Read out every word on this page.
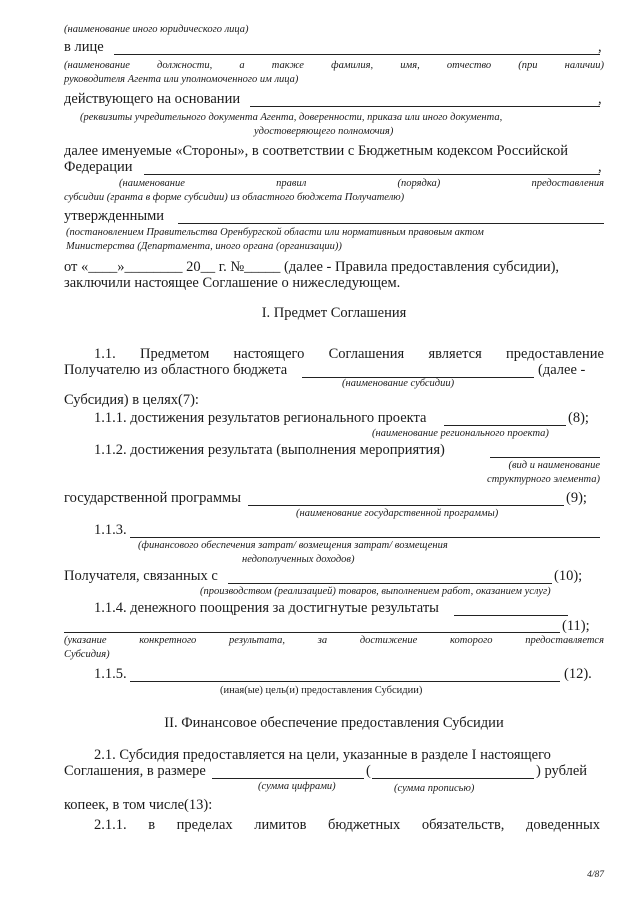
(наименование иного юридического лица)
в лице	,
(наименование	должности,	а	также	фамилия,	имя,	отчество	(при	наличии)
руководителя Агента или уполномоченного им лица)
действующего на основании	,
(реквизиты учредительного документа Агента, доверенности, приказа или иного документа,
удостоверяющего полномочия)
далее именуемые «Стороны», в соответствии с Бюджетным кодексом Российской
Федерации	,
(наименование	правил	(порядка)	предоставления
субсидии (гранта в форме субсидии) из областного бюджета Получателю)
утвержденными
(постановлением Правительства Оренбургской области или нормативным правовым актом
Министерства (Департамента, иного органа (организации))
от «____»________ 20__ г. №_____ (далее - Правила предоставления субсидии),
заключили настоящее Соглашение о нижеследующем.
I. Предмет Соглашения
1.1. Предметом настоящего Соглашения является предоставление
Получателю из областного бюджета	(далее -
(наименование субсидии)
Субсидия) в целях(7):
1.1.1. достижения результатов регионального проекта	(8);
(наименование регионального проекта)
1.1.2. достижения результата (выполнения мероприятия)
(вид и наименование
структурного элемента)
государственной программы	(9);
(наименование государственной программы)
1.1.3.
(финансового обеспечения затрат/ возмещения затрат/ возмещения
недополученных доходов)
Получателя, связанных с	(10);
(производством (реализацией) товаров, выполнением работ, оказанием услуг)
1.1.4. денежного поощрения за достигнутые результаты
(11);
(указание	конкретного	результата,	за	достижение	которого	предоставляется
Субсидия)
1.1.5.	(12).
(иная(ые) цель(и) предоставления Субсидии)
II. Финансовое обеспечение предоставления Субсидии
2.1. Субсидия предоставляется на цели, указанные в разделе I настоящего
Соглашения, в размере	(	) рублей
(сумма цифрами)	(сумма прописью)
копеек, в том числе(13):
2.1.1. в пределах лимитов бюджетных обязательств, доведенных
4/87
